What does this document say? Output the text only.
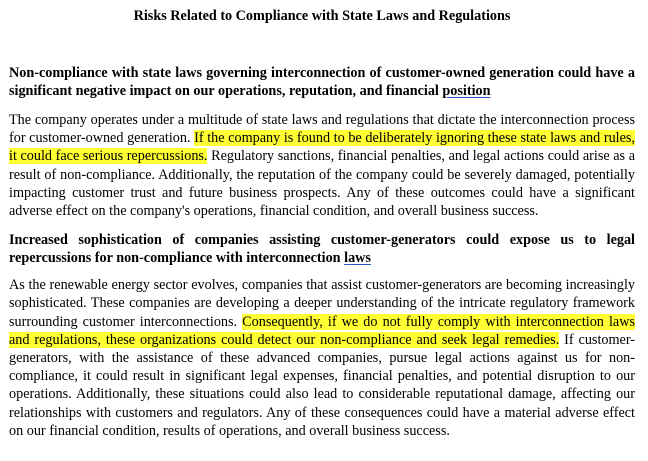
Risks Related to Compliance with State Laws and Regulations

Non-compliance with state laws governing interconnection of customer-owned generation could have a significant negative impact on our operations, reputation, and financial position

The company operates under a multitude of state laws and regulations that dictate the interconnection process for customer-owned generation. If the company is found to be deliberately ignoring these state laws and rules, it could face serious repercussions. Regulatory sanctions, financial penalties, and legal actions could arise as a result of non-compliance. Additionally, the reputation of the company could be severely damaged, potentially impacting customer trust and future business prospects. Any of these outcomes could have a significant adverse effect on the company's operations, financial condition, and overall business success.

Increased sophistication of companies assisting customer-generators could expose us to legal repercussions for non-compliance with interconnection laws

As the renewable energy sector evolves, companies that assist customer-generators are becoming increasingly sophisticated. These companies are developing a deeper understanding of the intricate regulatory framework surrounding customer interconnections. Consequently, if we do not fully comply with interconnection laws and regulations, these organizations could detect our non-compliance and seek legal remedies. If customer-generators, with the assistance of these advanced companies, pursue legal actions against us for non-compliance, it could result in significant legal expenses, financial penalties, and potential disruption to our operations. Additionally, these situations could also lead to considerable reputational damage, affecting our relationships with customers and regulators. Any of these consequences could have a material adverse effect on our financial condition, results of operations, and overall business success.
